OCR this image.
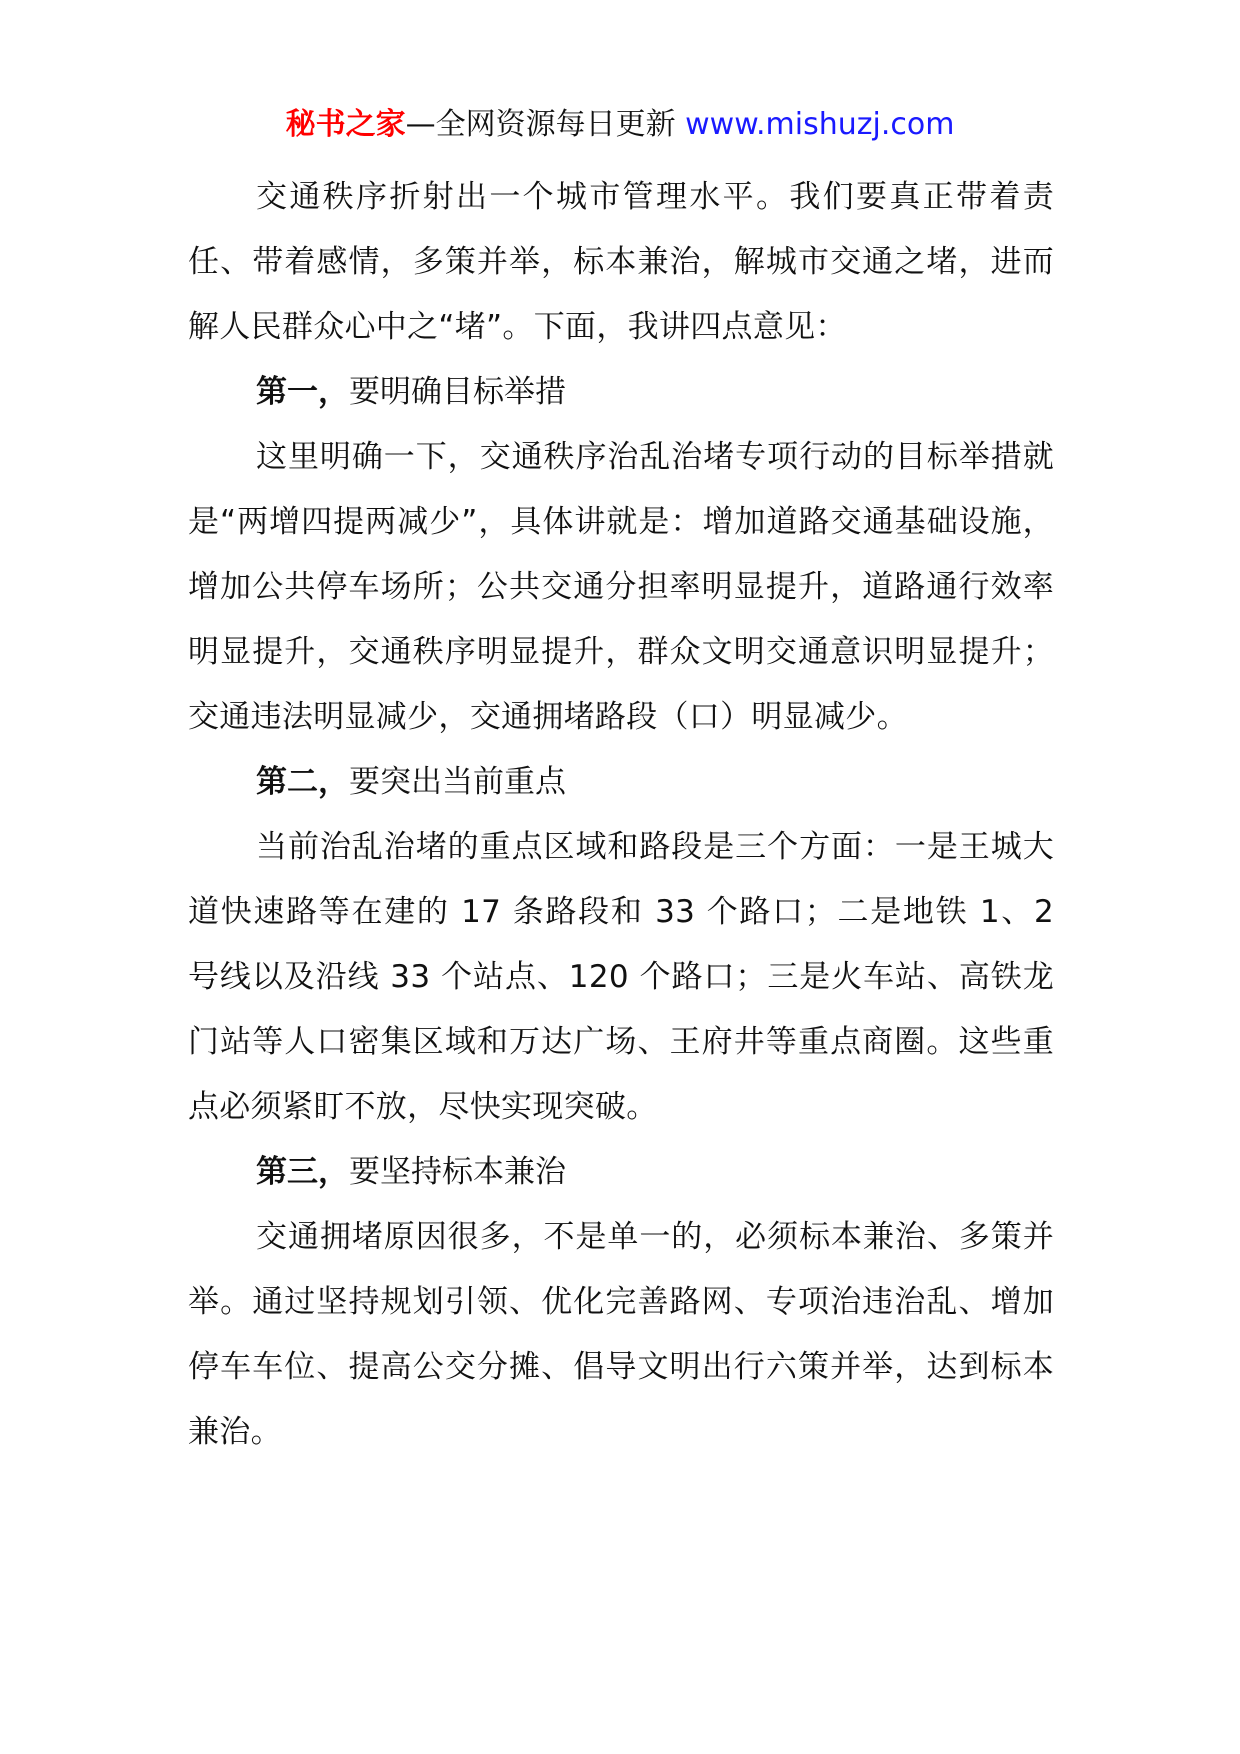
秘书之家—全网资源每日更新 www.mishuzj.com

交通秩序折射出一个城市管理水平。我们要真正带着责任、带着感情，多策并举，标本兼治，解城市交通之堵，进而解人民群众心中之“堵”。下面，我讲四点意见：

第一，要明确目标举措

这里明确一下，交通秩序治乱治堵专项行动的目标举措就是“两增四提两减少”，具体讲就是：增加道路交通基础设施，增加公共停车场所；公共交通分担率明显提升，道路通行效率明显提升，交通秩序明显提升，群众文明交通意识明显提升；交通违法明显减少，交通拥堵路段（口）明显减少。

第二，要突出当前重点

当前治乱治堵的重点区域和路段是三个方面：一是王城大道快速路等在建的 17 条路段和 33 个路口；二是地铁 1、2 号线以及沿线 33 个站点、120 个路口；三是火车站、高铁龙门站等人口密集区域和万达广场、王府井等重点商圈。这些重点必须紧盯不放，尽快实现突破。

第三，要坚持标本兼治

交通拥堵原因很多，不是单一的，必须标本兼治、多策并举。通过坚持规划引领、优化完善路网、专项治违治乱、增加停车车位、提高公交分摊、倡导文明出行六策并举，达到标本兼治。
